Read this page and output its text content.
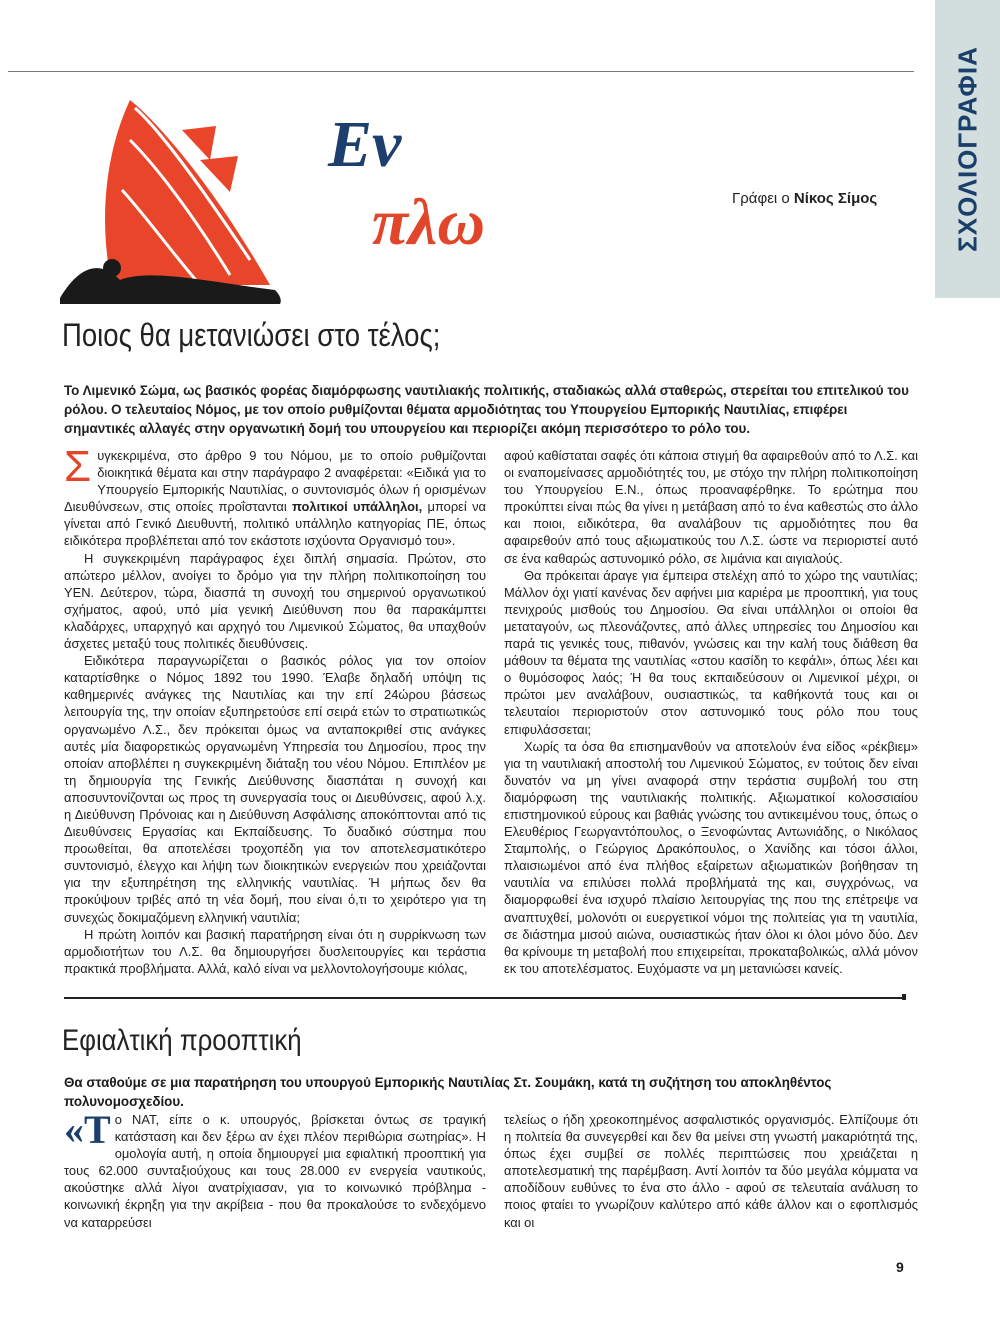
ΣΧΟΛΙΟΓΡΑΦΙΑ
Εν
πλω	Γράφει ο Νίκος Σίμος
Ποιος θα μετανιώσει στο τέλος;
Το Λιμενικό Σώμα, ως βασικός φορέας διαμόρφωσης ναυτιλιακής πολιτικής, σταδιακώς αλλά σταθερώς, στερείται του επιτελικού του ρόλου. Ο τελευταίος Νόμος, με τον οποίο ρυθμίζονται θέματα αρμοδιότητας του Υπουργείου Εμπορικής Ναυτιλίας, επιφέρει σημαντικές αλλαγές στην οργανωτική δομή του υπουργείου και περιορίζει ακόμη περισσότερο το ρόλο του.

Συγκεκριμένα, στο άρθρο 9 του Νόμου, με το οποίο ρυθμίζονται διοικητικά θέματα και στην παράγραφο 2 αναφέρεται: «Ειδικά για το Υπουργείο Εμπορικής Ναυτιλίας, ο συντονισμός όλων ή ορισμένων Διευθύνσεων, στις οποίες προΐστανται πολιτικοί υπάλληλοι, μπορεί να γίνεται από Γενικό Διευθυντή, πολιτικό υπάλληλο κατηγορίας ΠΕ, όπως ειδικότερα προβλέπεται από τον εκάστοτε ισχύοντα Οργανισμό του».

Η συγκεκριμένη παράγραφος έχει διπλή σημασία. Πρώτον, στο απώτερο μέλλον, ανοίγει το δρόμο για την πλήρη πολιτικοποίηση του ΥΕΝ. Δεύτερον, τώρα, διασπά τη συνοχή του σημερινού οργανωτικού σχήματος, αφού, υπό μία γενική Διεύθυνση που θα παρακάμπτει κλαδάρχες, υπαρχηγό και αρχηγό του Λιμενικού Σώματος, θα υπαχθούν άσχετες μεταξύ τους πολιτικές διευθύνσεις.

Ειδικότερα παραγνωρίζεται ο βασικός ρόλος για τον οποίον καταρτίσθηκε ο Νόμος 1892 του 1990. Έλαβε δηλαδή υπόψη τις καθημερινές ανάγκες της Ναυτιλίας και την επί 24ώρου βάσεως λειτουργία της, την οποίαν εξυπηρετούσε επί σειρά ετών το στρατιωτικώς οργανωμένο Λ.Σ., δεν πρόκειται όμως να ανταποκριθεί στις ανάγκες αυτές μία διαφορετικώς οργανωμένη Υπηρεσία του Δημοσίου, προς την οποίαν αποβλέπει η συγκεκριμένη διάταξη του νέου Νόμου. Επιπλέον με τη δημιουργία της Γενικής Διεύθυνσης διασπάται η συνοχή και αποσυντονίζονται ως προς τη συνεργασία τους οι Διευθύνσεις, αφού λ.χ. η Διεύθυνση Πρόνοιας και η Διεύθυνση Ασφάλισης αποκόπτονται από τις Διευθύνσεις Εργασίας και Εκπαίδευσης. Το δυαδικό σύστημα που προωθείται, θα αποτελέσει τροχοπέδη για τον αποτελεσματικότερο συντονισμό, έλεγχο και λήψη των διοικητικών ενεργειών που χρειάζονται για την εξυπηρέτηση της ελληνικής ναυτιλίας. Ή μήπως δεν θα προκύψουν τριβές από τη νέα δομή, που είναι ό,τι το χειρότερο για τη συνεχώς δοκιμαζόμενη ελληνική ναυτιλία;

Η πρώτη λοιπόν και βασική παρατήρηση είναι ότι η συρρίκνωση των αρμοδιοτήτων του Λ.Σ. θα δημιουργήσει δυσλειτουργίες και τεράστια πρακτικά προβλήματα. Αλλά, καλό είναι να μελλοντολογήσουμε κιόλας,

αφού καθίσταται σαφές ότι κάποια στιγμή θα αφαιρεθούν από το Λ.Σ. και οι εναπομείνασες αρμοδιότητές του, με στόχο την πλήρη πολιτικοποίηση του Υπουργείου Ε.Ν., όπως προαναφέρθηκε. Το ερώτημα που προκύπτει είναι πώς θα γίνει η μετάβαση από το ένα καθεστώς στο άλλο και ποιοι, ειδικότερα, θα αναλάβουν τις αρμοδιότητες που θα αφαιρεθούν από τους αξιωματικούς του Λ.Σ. ώστε να περιοριστεί αυτό σε ένα καθαρώς αστυνομικό ρόλο, σε λιμάνια και αιγιαλούς.

Θα πρόκειται άραγε για έμπειρα στελέχη από το χώρο της ναυτιλίας; Μάλλον όχι γιατί κανένας δεν αφήνει μια καριέρα με προοπτική, για τους πενιχρούς μισθούς του Δημοσίου. Θα είναι υπάλληλοι οι οποίοι θα μεταταγούν, ως πλεονάζοντες, από άλλες υπηρεσίες του Δημοσίου και παρά τις γενικές τους, πιθανόν, γνώσεις και την καλή τους διάθεση θα μάθουν τα θέματα της ναυτιλίας «στου κασίδη το κεφάλι», όπως λέει και ο θυμόσοφος λαός; Ή θα τους εκπαιδεύσουν οι Λιμενικοί μέχρι, οι πρώτοι μεν αναλάβουν, ουσιαστικώς, τα καθήκοντά τους και οι τελευταίοι περιοριστούν στον αστυνομικό τους ρόλο που τους επιφυλάσσεται;

Χωρίς τα όσα θα επισημανθούν να αποτελούν ένα είδος «ρέκβιεμ» για τη ναυτιλιακή αποστολή του Λιμενικού Σώματος, εν τούτοις δεν είναι δυνατόν να μη γίνει αναφορά στην τεράστια συμβολή του στη διαμόρφωση της ναυτιλιακής πολιτικής. Αξιωματικοί κολοσσιαίου επιστημονικού εύρους και βαθιάς γνώσης του αντικειμένου τους, όπως ο Ελευθέριος Γεωργαντόπουλος, ο Ξενοφώντας Αντωνιάδης, ο Νικόλαος Σταμπολής, ο Γεώργιος Δρακόπουλος, ο Χανίδης και τόσοι άλλοι, πλαισιωμένοι από ένα πλήθος εξαίρετων αξιωματικών βοήθησαν τη ναυτιλία να επιλύσει πολλά προβλήματά της και, συγχρόνως, να διαμορφωθεί ένα ισχυρό πλαίσιο λειτουργίας της που της επέτρεψε να αναπτυχθεί, μολονότι οι ευεργετικοί νόμοι της πολιτείας για τη ναυτιλία, σε διάστημα μισού αιώνα, ουσιαστικώς ήταν όλοι κι όλοι μόνο δύο. Δεν θα κρίνουμε τη μεταβολή που επιχειρείται, προκαταβολικώς, αλλά μόνον εκ του αποτελέσματος. Ευχόμαστε να μη μετανιώσει κανείς.

Εφιαλτική προοπτική
Θα σταθούμε σε μια παρατήρηση του υπουργού Εμπορικής Ναυτιλίας Στ. Σουμάκη, κατά τη συζήτηση του αποκληθέντος πολυνομοσχεδίου.

«Τ ο ΝΑΤ, είπε ο κ. υπουργός, βρίσκεται όντως σε τραγική κατάσταση και δεν ξέρω αν έχει πλέον περιθώρια σωτηρίας». Η ομολογία αυτή, η οποία δημιουργεί μια εφιαλτική προοπτική για τους 62.000 συνταξιούχους και τους 28.000 εν ενεργεία ναυτικούς, ακούστηκε αλλά λίγοι ανατρίχιασαν, για το κοινωνικό πρόβλημα - κοινωνική έκρηξη για την ακρίβεια - που θα προκαλούσε το ενδεχόμενο να καταρρεύσει

τελείως ο ήδη χρεοκοπημένος ασφαλιστικός οργανισμός. Ελπίζουμε ότι η πολιτεία θα συνεγερθεί και δεν θα μείνει στη γνωστή μακαριότητά της, όπως έχει συμβεί σε πολλές περιπτώσεις που χρειάζεται η αποτελεσματική της παρέμβαση. Αντί λοιπόν τα δύο μεγάλα κόμματα να αποδίδουν ευθύνες το ένα στο άλλο - αφού σε τελευταία ανάλυση το ποιος φταίει το γνωρίζουν καλύτερο από κάθε άλλον και ο εφοπλισμός και οι

9
